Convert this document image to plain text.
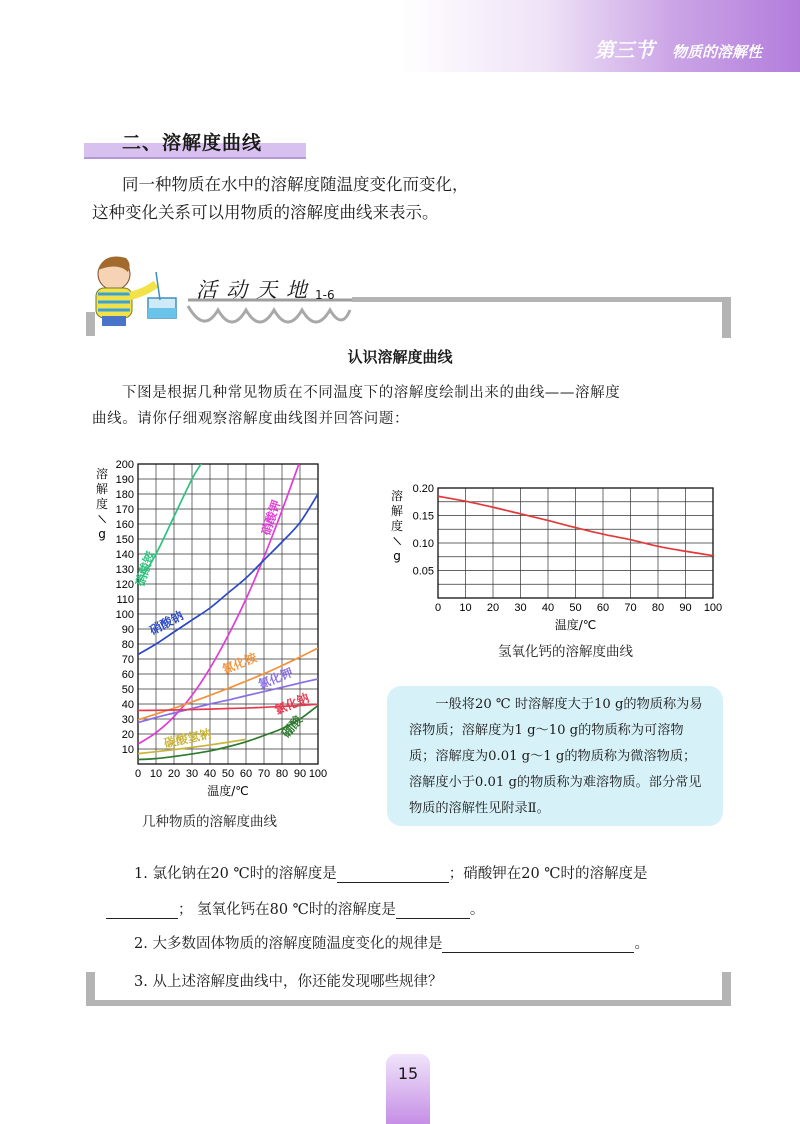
第三节 物质的溶解性
二、溶解度曲线
同一种物质在水中的溶解度随温度变化而变化，
这种变化关系可以用物质的溶解度曲线来表示。
活动天地 1-6
认识溶解度曲线
下图是根据几种常见物质在不同温度下的溶解度绘制出来的曲线——溶解度
曲线。请你仔细观察溶解度曲线图并回答问题：
0 10 20 30 40 50 60 70 80 90 100
10
20
30
40
50
60
70
80
90
100
110
120
130
140
150
160
170
180
190
200
温度/℃
溶
解
度
/
g
硝酸铵
硝酸钾
硝酸钠
氯化铵
氯化钾
氯化钠
碳酸氢钠	硼酸
几种物质的溶解度曲线
0 10 20 30 40 50 60 70 80 90 100
0.05
0.10
0.15
0.20
温度/℃
溶
解
度
/
g
氢氧化钙的溶解度曲线

一般将20 ℃ 时溶解度大于10 g的物质称为易溶物质；溶解度为1 g～10 g的物质称为可溶物质；溶解度为0.01 g～1 g的物质称为微溶物质；溶解度小于0.01 g的物质称为难溶物质。部分常见物质的溶解性见附录Ⅱ。

1. 氯化钠在20 ℃时的溶解度是	；硝酸钾在20 ℃时的溶解度是
； 氢氧化钙在80 ℃时的溶解度是	。
2. 大多数固体物质的溶解度随温度变化的规律是	。
3. 从上述溶解度曲线中，你还能发现哪些规律？
15
